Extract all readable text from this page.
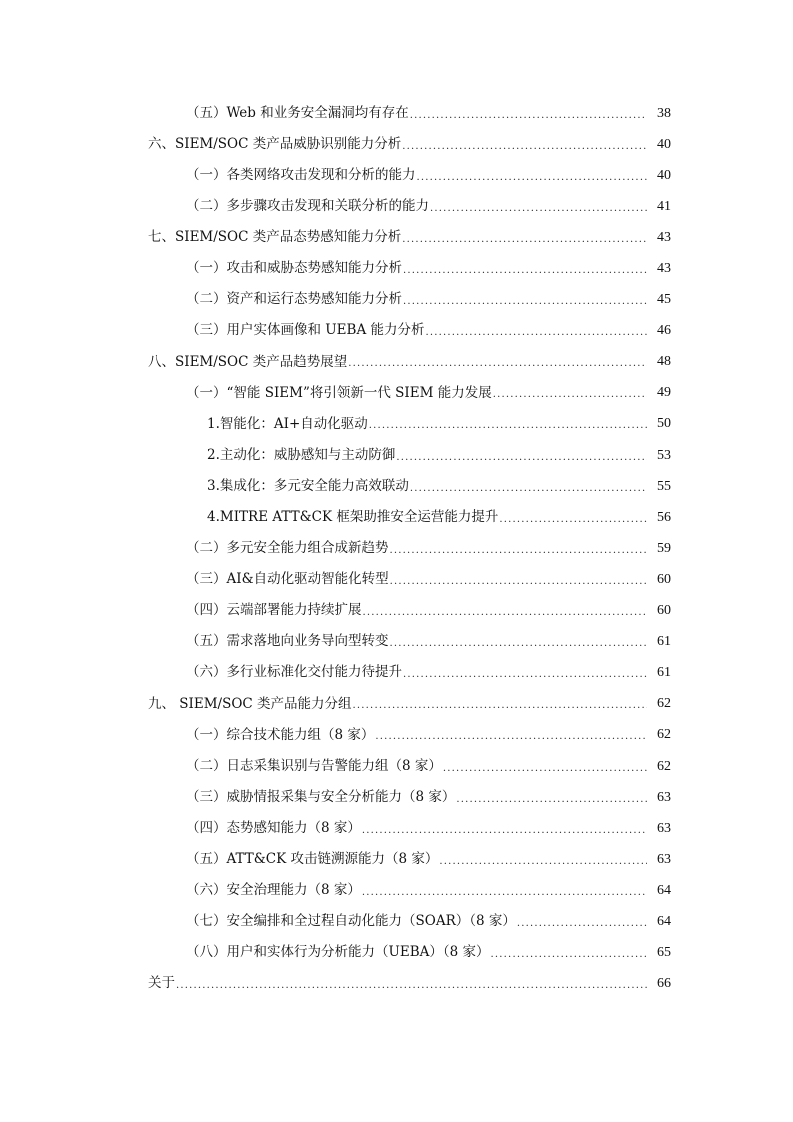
（五）Web 和业务安全漏洞均有存在 .....	38
六、SIEM/SOC 类产品威胁识别能力分析 .....	40
（一）各类网络攻击发现和分析的能力 .....	40
（二）多步骤攻击发现和关联分析的能力 .....	41
七、SIEM/SOC 类产品态势感知能力分析 .....	43
（一）攻击和威胁态势感知能力分析 .....	43
（二）资产和运行态势感知能力分析 .....	45
（三）用户实体画像和 UEBA 能力分析 .....	46
八、SIEM/SOC 类产品趋势展望 .....	48
（一）“智能 SIEM”将引领新一代 SIEM 能力发展 .....	49
1.智能化：AI+自动化驱动 .....	50
2.主动化：威胁感知与主动防御 .....	53
3.集成化：多元安全能力高效联动 .....	55
4.MITRE ATT&CK 框架助推安全运营能力提升 .....	56
（二）多元安全能力组合成新趋势 .....	59
（三）AI&自动化驱动智能化转型 .....	60
（四）云端部署能力持续扩展 .....	60
（五）需求落地向业务导向型转变 .....	61
（六）多行业标准化交付能力待提升 .....	61
九、 SIEM/SOC 类产品能力分组 .....	62
（一）综合技术能力组（8 家） .....	62
（二）日志采集识别与告警能力组（8 家） .....	62
（三）威胁情报采集与安全分析能力（8 家） .....	63
（四）态势感知能力（8 家） .....	63
（五）ATT&CK 攻击链溯源能力（8 家） .....	63
（六）安全治理能力（8 家） .....	64
（七）安全编排和全过程自动化能力（SOAR）（8 家） .....	64
（八）用户和实体行为分析能力（UEBA）（8 家） .....	65
关于 .....	66
